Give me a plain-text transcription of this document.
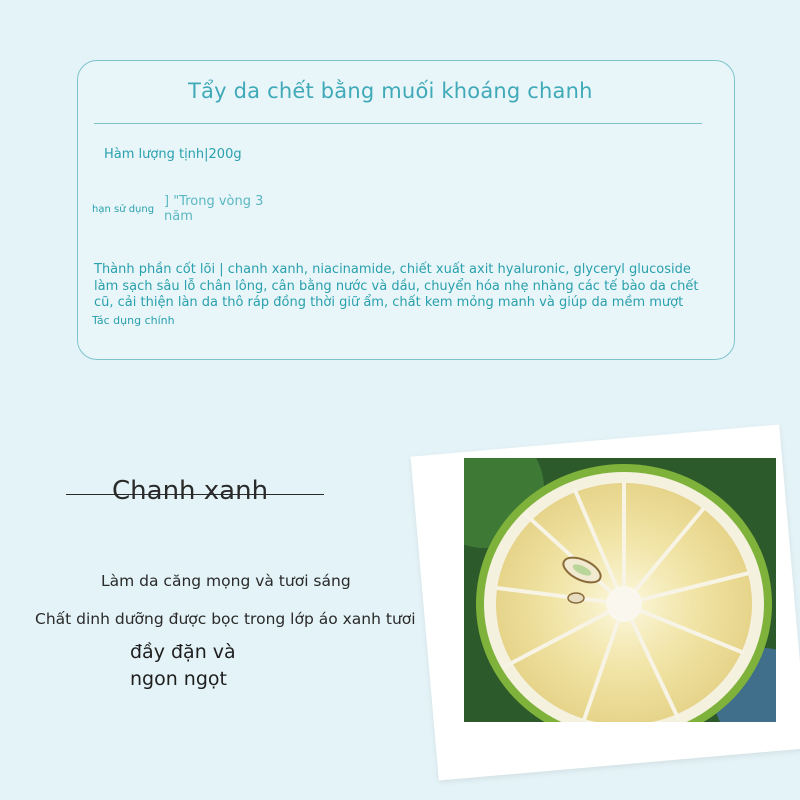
Tẩy da chết bằng muối khoáng chanh
Hàm lượng tịnh|200g
hạn sử dụng
] "Trong vòng 3 năm
Thành phần cốt lõi | chanh xanh, niacinamide, chiết xuất axit hyaluronic, glyceryl glucoside làm sạch sâu lỗ chân lông, cân bằng nước và dầu, chuyển hóa nhẹ nhàng các tế bào da chết cũ, cải thiện làn da thô ráp đồng thời giữ ẩm, chất kem mỏng manh và giúp da mềm mượt
Tác dụng chính
Chanh xanh
Làm da căng mọng và tươi sáng
Chất dinh dưỡng được bọc trong lớp áo xanh tươi
đầy đặn và ngon ngọt
